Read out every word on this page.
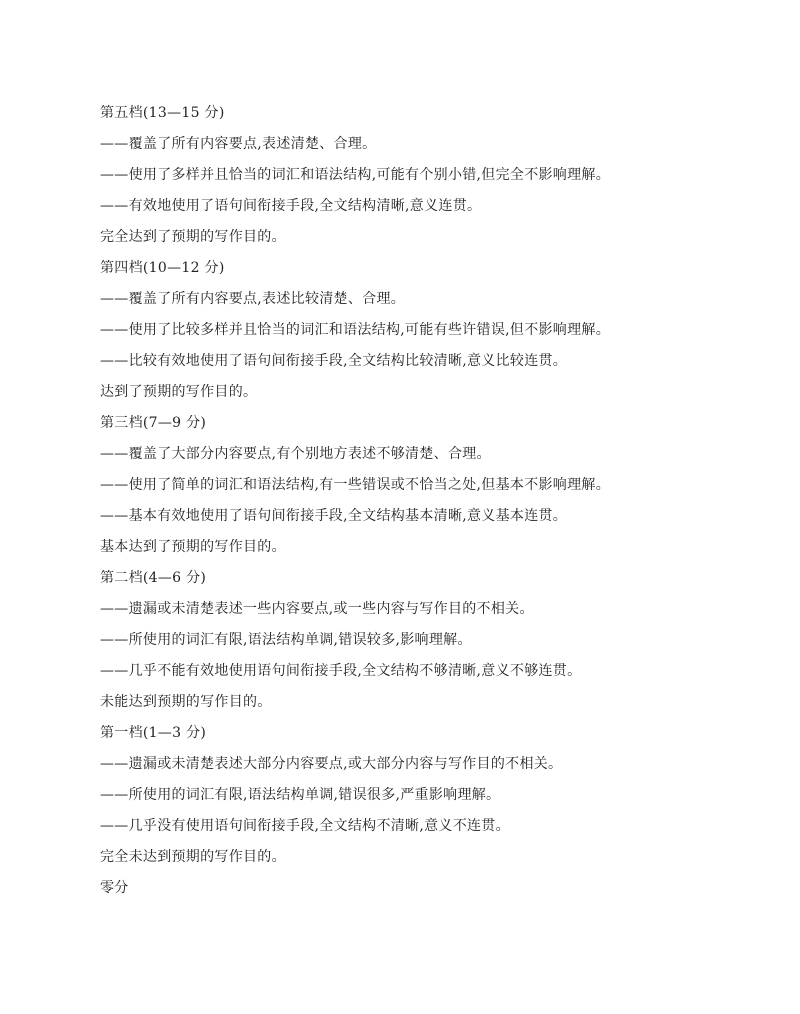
第五档(13—15 分)
——覆盖了所有内容要点,表述清楚、合理。
——使用了多样并且恰当的词汇和语法结构,可能有个别小错,但完全不影响理解。
——有效地使用了语句间衔接手段,全文结构清晰,意义连贯。
完全达到了预期的写作目的。
第四档(10—12 分)
——覆盖了所有内容要点,表述比较清楚、合理。
——使用了比较多样并且恰当的词汇和语法结构,可能有些许错误,但不影响理解。
——比较有效地使用了语句间衔接手段,全文结构比较清晰,意义比较连贯。
达到了预期的写作目的。
第三档(7—9 分)
——覆盖了大部分内容要点,有个别地方表述不够清楚、合理。
——使用了简单的词汇和语法结构,有一些错误或不恰当之处,但基本不影响理解。
——基本有效地使用了语句间衔接手段,全文结构基本清晰,意义基本连贯。
基本达到了预期的写作目的。
第二档(4—6 分)
——遗漏或未清楚表述一些内容要点,或一些内容与写作目的不相关。
——所使用的词汇有限,语法结构单调,错误较多,影响理解。
——几乎不能有效地使用语句间衔接手段,全文结构不够清晰,意义不够连贯。
未能达到预期的写作目的。
第一档(1—3 分)
——遗漏或未清楚表述大部分内容要点,或大部分内容与写作目的不相关。
——所使用的词汇有限,语法结构单调,错误很多,严重影响理解。
——几乎没有使用语句间衔接手段,全文结构不清晰,意义不连贯。
完全未达到预期的写作目的。
零分
